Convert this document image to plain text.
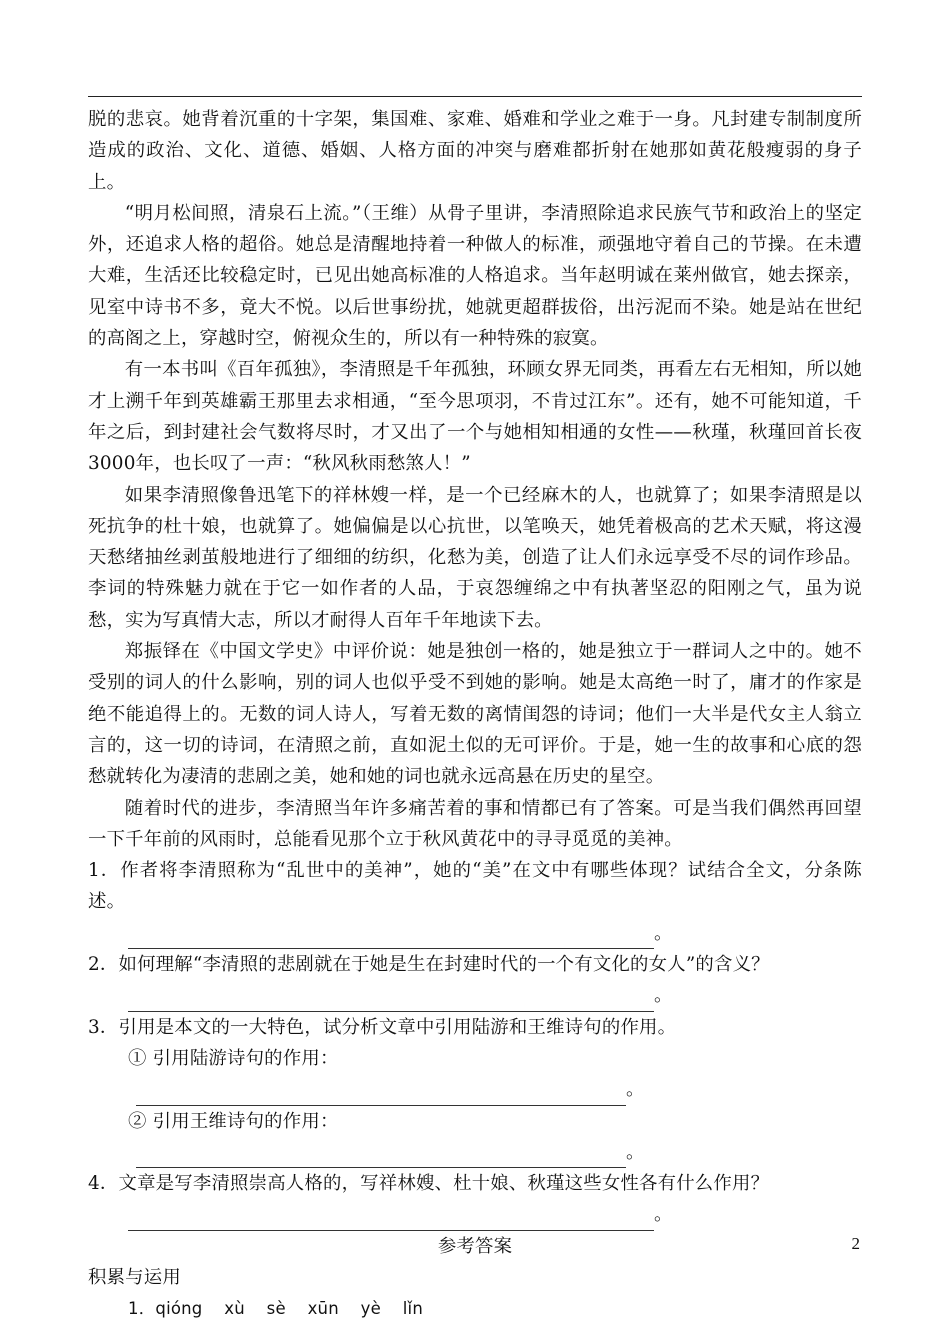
脱的悲哀。她背着沉重的十字架，集国难、家难、婚难和学业之难于一身。凡封建专制制度所造成的政治、文化、道德、婚姻、人格方面的冲突与磨难都折射在她那如黄花般瘦弱的身子上。

“明月松间照，清泉石上流。”（王维）从骨子里讲，李清照除追求民族气节和政治上的坚定外，还追求人格的超俗。她总是清醒地持着一种做人的标准，顽强地守着自己的节操。在未遭大难，生活还比较稳定时，已见出她高标准的人格追求。当年赵明诚在莱州做官，她去探亲，见室中诗书不多，竟大不悦。以后世事纷扰，她就更超群拔俗，出污泥而不染。她是站在世纪的高阁之上，穿越时空，俯视众生的，所以有一种特殊的寂寞。

有一本书叫《百年孤独》，李清照是千年孤独，环顾女界无同类，再看左右无相知，所以她才上溯千年到英雄霸王那里去求相通，“至今思项羽，不肯过江东”。还有，她不可能知道，千年之后，到封建社会气数将尽时，才又出了一个与她相知相通的女性——秋瑾，秋瑾回首长夜3000年，也长叹了一声：“秋风秋雨愁煞人！”

如果李清照像鲁迅笔下的祥林嫂一样，是一个已经麻木的人，也就算了；如果李清照是以死抗争的杜十娘，也就算了。她偏偏是以心抗世，以笔唤天，她凭着极高的艺术天赋，将这漫天愁绪抽丝剥茧般地进行了细细的纺织，化愁为美，创造了让人们永远享受不尽的词作珍品。李词的特殊魅力就在于它一如作者的人品，于哀怨缠绵之中有执著坚忍的阳刚之气，虽为说愁，实为写真情大志，所以才耐得人百年千年地读下去。

郑振铎在《中国文学史》中评价说：她是独创一格的，她是独立于一群词人之中的。她不受别的词人的什么影响，别的词人也似乎受不到她的影响。她是太高绝一时了，庸才的作家是绝不能追得上的。无数的词人诗人，写着无数的离情闺怨的诗词；他们一大半是代女主人翁立言的，这一切的诗词，在清照之前，直如泥土似的无可评价。于是，她一生的故事和心底的怨愁就转化为凄清的悲剧之美，她和她的词也就永远高悬在历史的星空。

随着时代的进步，李清照当年许多痛苦着的事和情都已有了答案。可是当我们偶然再回望一下千年前的风雨时，总能看见那个立于秋风黄花中的寻寻觅觅的美神。

1．作者将李清照称为“乱世中的美神”，她的“美”在文中有哪些体现？试结合全文，分条陈述。

。

2．如何理解“李清照的悲剧就在于她是生在封建时代的一个有文化的女人”的含义？

。

3．引用是本文的一大特色，试分析文章中引用陆游和王维诗句的作用。

① 引用陆游诗句的作用：

。

② 引用王维诗句的作用：

。

4．文章是写李清照崇高人格的，写祥林嫂、杜十娘、秋瑾这些女性各有什么作用？

。

参考答案

积累与运用

1．qióng    xù    sè    xūn    yè    lǐn

2
